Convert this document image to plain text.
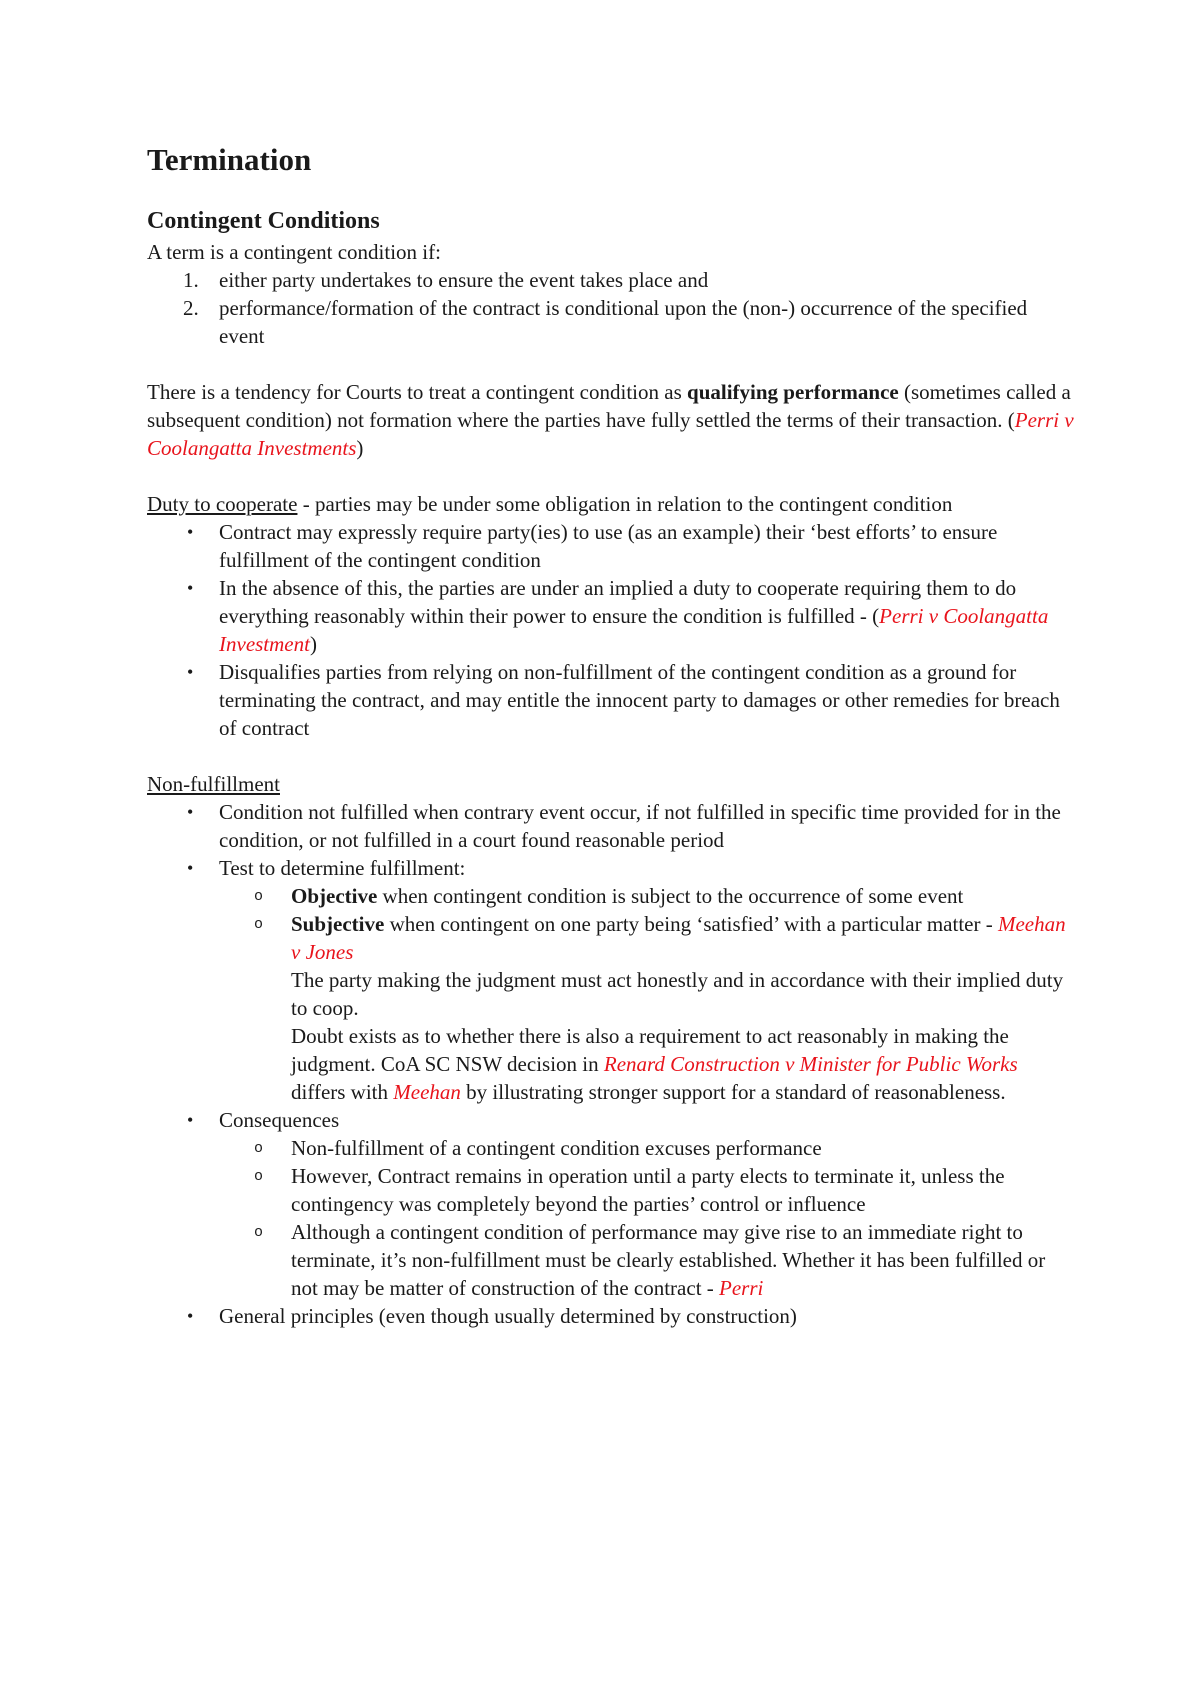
Termination
Contingent Conditions

A term is a contingent condition if:

1. either party undertakes to ensure the event takes place and
2. performance/formation of the contract is conditional upon the (non-) occurrence of the specified event

There is a tendency for Courts to treat a contingent condition as qualifying performance (sometimes called a subsequent condition) not formation where the parties have fully settled the terms of their transaction. (Perri v Coolangatta Investments)

Duty to cooperate - parties may be under some obligation in relation to the contingent condition

• Contract may expressly require party(ies) to use (as an example) their ‘best efforts’ to ensure fulfillment of the contingent condition
• In the absence of this, the parties are under an implied a duty to cooperate requiring them to do everything reasonably within their power to ensure the condition is fulfilled - (Perri v Coolangatta Investment)
• Disqualifies parties from relying on non-fulfillment of the contingent condition as a ground for terminating the contract, and may entitle the innocent party to damages or other remedies for breach of contract

Non-fulfillment

• Condition not fulfilled when contrary event occur, if not fulfilled in specific time provided for in the condition, or not fulfilled in a court found reasonable period
• Test to determine fulfillment:
o Objective when contingent condition is subject to the occurrence of some event
o Subjective when contingent on one party being ‘satisfied’ with a particular matter - Meehan v Jones
The party making the judgment must act honestly and in accordance with their implied duty to coop.
Doubt exists as to whether there is also a requirement to act reasonably in making the judgment. CoA SC NSW decision in Renard Construction v Minister for Public Works differs with Meehan by illustrating stronger support for a standard of reasonableness.
• Consequences
o Non-fulfillment of a contingent condition excuses performance
o However, Contract remains in operation until a party elects to terminate it, unless the contingency was completely beyond the parties’ control or influence
o Although a contingent condition of performance may give rise to an immediate right to terminate, it’s non-fulfillment must be clearly established. Whether it has been fulfilled or not may be matter of construction of the contract - Perri
• General principles (even though usually determined by construction)
